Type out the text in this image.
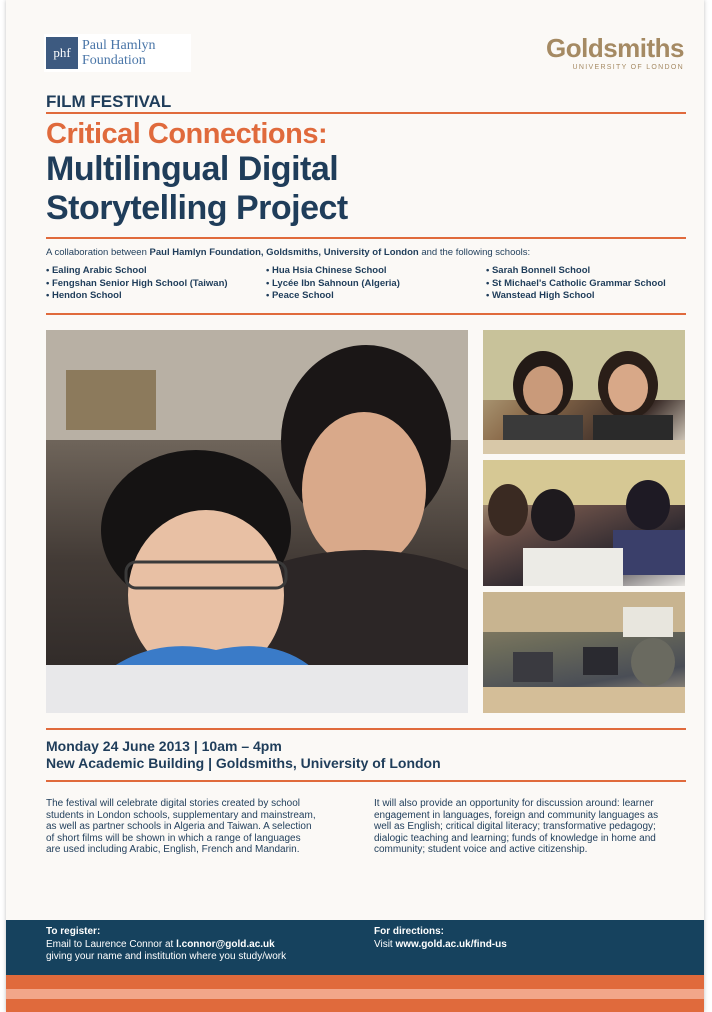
phf Paul Hamlyn
Foundation	Goldsmiths
UNIVERSITY OF LONDON
FILM FESTIVAL
Critical Connections:
Multilingual Digital
Storytelling Project
A collaboration between Paul Hamlyn Foundation, Goldsmiths, University of London and the following schools:
• Ealing Arabic School	• Hua Hsia Chinese School	• Sarah Bonnell School
• Fengshan Senior High School (Taiwan)	• Lycée Ibn Sahnoun (Algeria)	• St Michael's Catholic Grammar School
• Hendon School	• Peace School	• Wanstead High School
Monday 24 June 2013 | 10am – 4pm
New Academic Building | Goldsmiths, University of London
The festival will celebrate digital stories created by school students in London schools, supplementary and mainstream, as well as partner schools in Algeria and Taiwan. A selection of short films will be shown in which a range of languages are used including Arabic, English, French and Mandarin.
It will also provide an opportunity for discussion around: learner engagement in languages, foreign and community languages as well as English; critical digital literacy; transformative pedagogy; dialogic teaching and learning; funds of knowledge in home and community; student voice and active citizenship.
To register:
Email to Laurence Connor at l.connor@gold.ac.uk
giving your name and institution where you study/work
For directions:
Visit www.gold.ac.uk/find-us
